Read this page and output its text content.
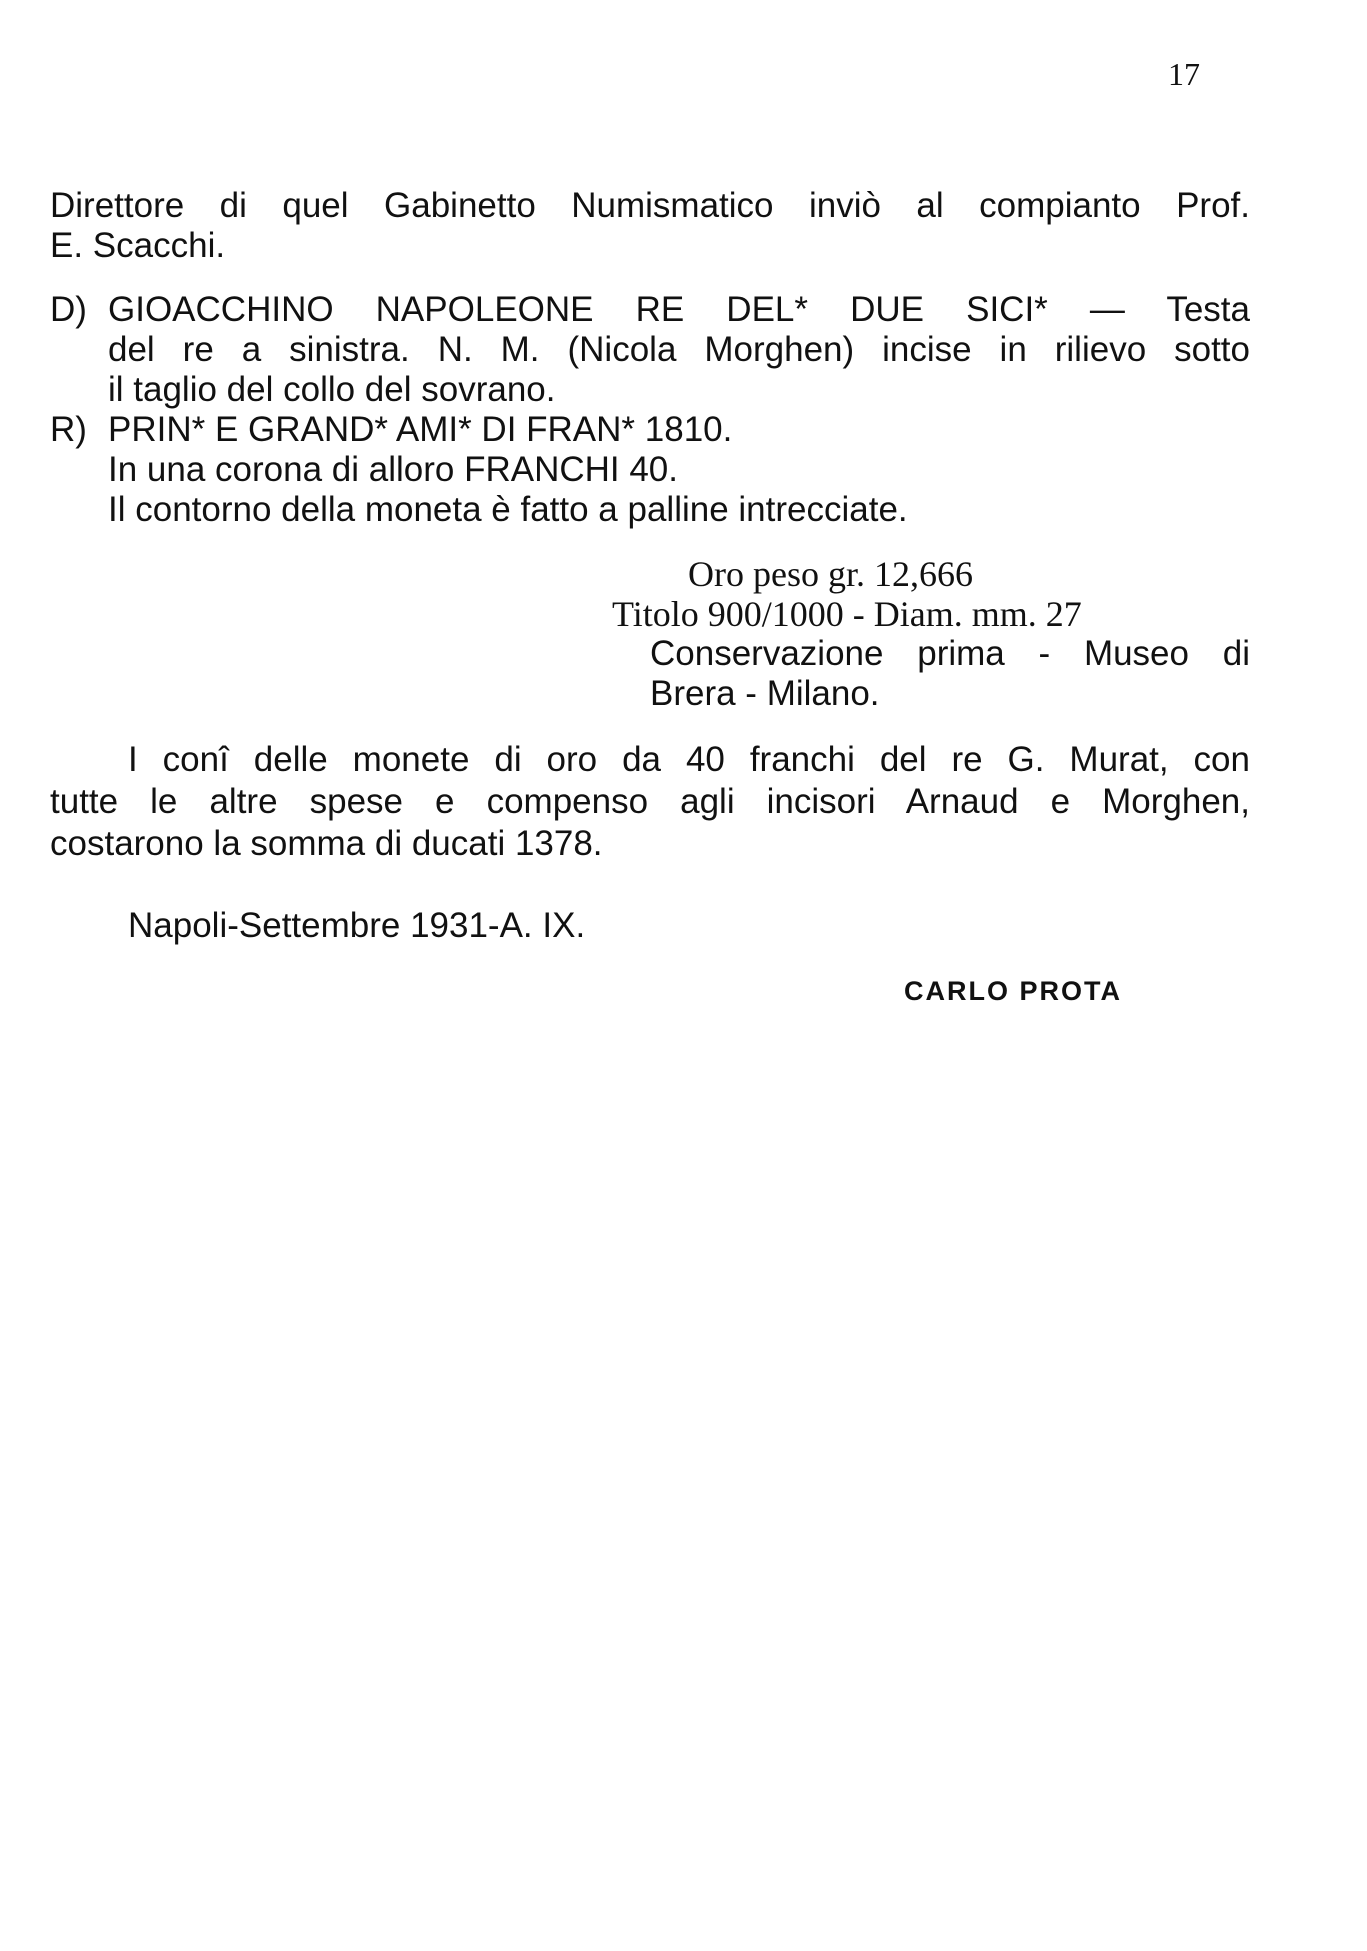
17
Direttore di quel Gabinetto Numismatico inviò al compianto Prof.
E. Scacchi.
D) GIOACCHINO NAPOLEONE RE DEL* DUE SICI* — Testa
del re a sinistra. N. M. (Nicola Morghen) incise in rilievo sotto
il taglio del collo del sovrano.
R) PRIN* E GRAND* AMI* DI FRAN* 1810.
In una corona di alloro FRANCHI 40.
Il contorno della moneta è fatto a palline intrecciate.
Oro peso gr. 12,666
Titolo 900/1000 - Diam. mm. 27
Conservazione prima - Museo di
Brera - Milano.
I conî delle monete di oro da 40 franchi del re G. Murat, con
tutte le altre spese e compenso agli incisori Arnaud e Morghen,
costarono la somma di ducati 1378.
Napoli-Settembre 1931-A. IX.
CARLO PROTA
